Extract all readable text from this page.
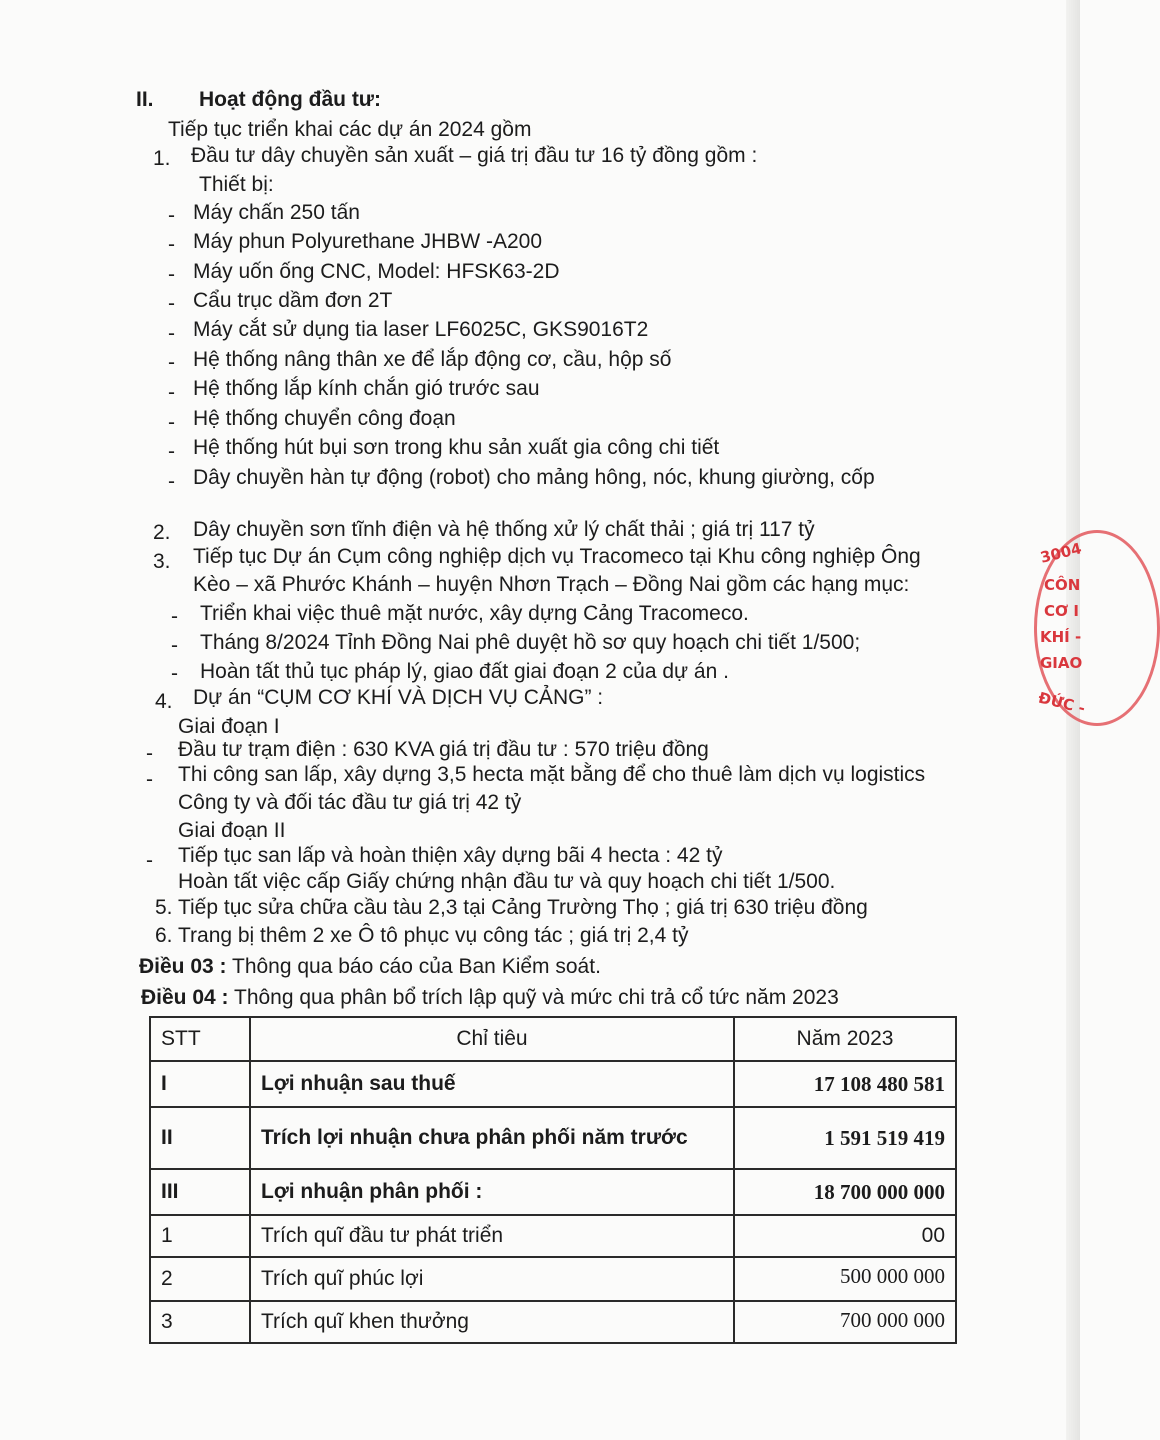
II. Hoạt động đầu tư:
Tiếp tục triển khai các dự án 2024 gồm
1. Đầu tư dây chuyền sản xuất – giá trị đầu tư 16 tỷ đồng gồm :
Thiết bị:
- Máy chấn 250 tấn
- Máy phun Polyurethane JHBW -A200
- Máy uốn ống CNC, Model: HFSK63-2D
- Cẩu trục dầm đơn 2T
- Máy cắt sử dụng tia laser LF6025C, GKS9016T2
- Hệ thống nâng thân xe để lắp động cơ, cầu, hộp số
- Hệ thống lắp kính chắn gió trước sau
- Hệ thống chuyển công đoạn
- Hệ thống hút bụi sơn trong khu sản xuất gia công chi tiết
- Dây chuyền hàn tự động (robot) cho mảng hông, nóc, khung giường, cốp
2. Dây chuyền sơn tĩnh điện và hệ thống xử lý chất thải ; giá trị 117 tỷ
3. Tiếp tục Dự án Cụm công nghiệp dịch vụ Tracomeco tại Khu công nghiệp Ông
Kèo – xã Phước Khánh – huyện Nhơn Trạch – Đồng Nai gồm các hạng mục:
- Triển khai việc thuê mặt nước, xây dựng Cảng Tracomeco.
- Tháng 8/2024 Tỉnh Đồng Nai phê duyệt hồ sơ quy hoạch chi tiết 1/500;
- Hoàn tất thủ tục pháp lý, giao đất giai đoạn 2 của dự án .
4. Dự án “CỤM CƠ KHÍ VÀ DỊCH VỤ CẢNG” :
Giai đoạn I
- Đầu tư trạm điện : 630 KVA giá trị đầu tư : 570 triệu đồng
- Thi công san lấp, xây dựng 3,5 hecta mặt bằng để cho thuê làm dịch vụ logistics
Công ty và đối tác đầu tư giá trị 42 tỷ
Giai đoạn II
- Tiếp tục san lấp và hoàn thiện xây dựng bãi 4 hecta : 42 tỷ
Hoàn tất việc cấp Giấy chứng nhận đầu tư và quy hoạch chi tiết 1/500.
5. Tiếp tục sửa chữa cầu tàu 2,3 tại Cảng Trường Thọ ; giá trị 630 triệu đồng
6. Trang bị thêm 2 xe Ô tô phục vụ công tác ; giá trị 2,4 tỷ
Điều 03 : Thông qua báo cáo của Ban Kiểm soát.
Điều 04 : Thông qua phân bổ trích lập quỹ và mức chi trả cổ tức năm 2023
STT	Chỉ tiêu	Năm 2023
I	Lợi nhuận sau thuế	17 108 480 581
II	Trích lợi nhuận chưa phân phối năm trước	1 591 519 419
III	Lợi nhuận phân phối :	18 700 000 000
1	Trích quĩ đầu tư phát triển	00
2	Trích quĩ phúc lợi	500 000 000
3	Trích quĩ khen thưởng	700 000 000
3004
CÔN
CƠ I
KHÍ -
GIAO
ĐỨC -
